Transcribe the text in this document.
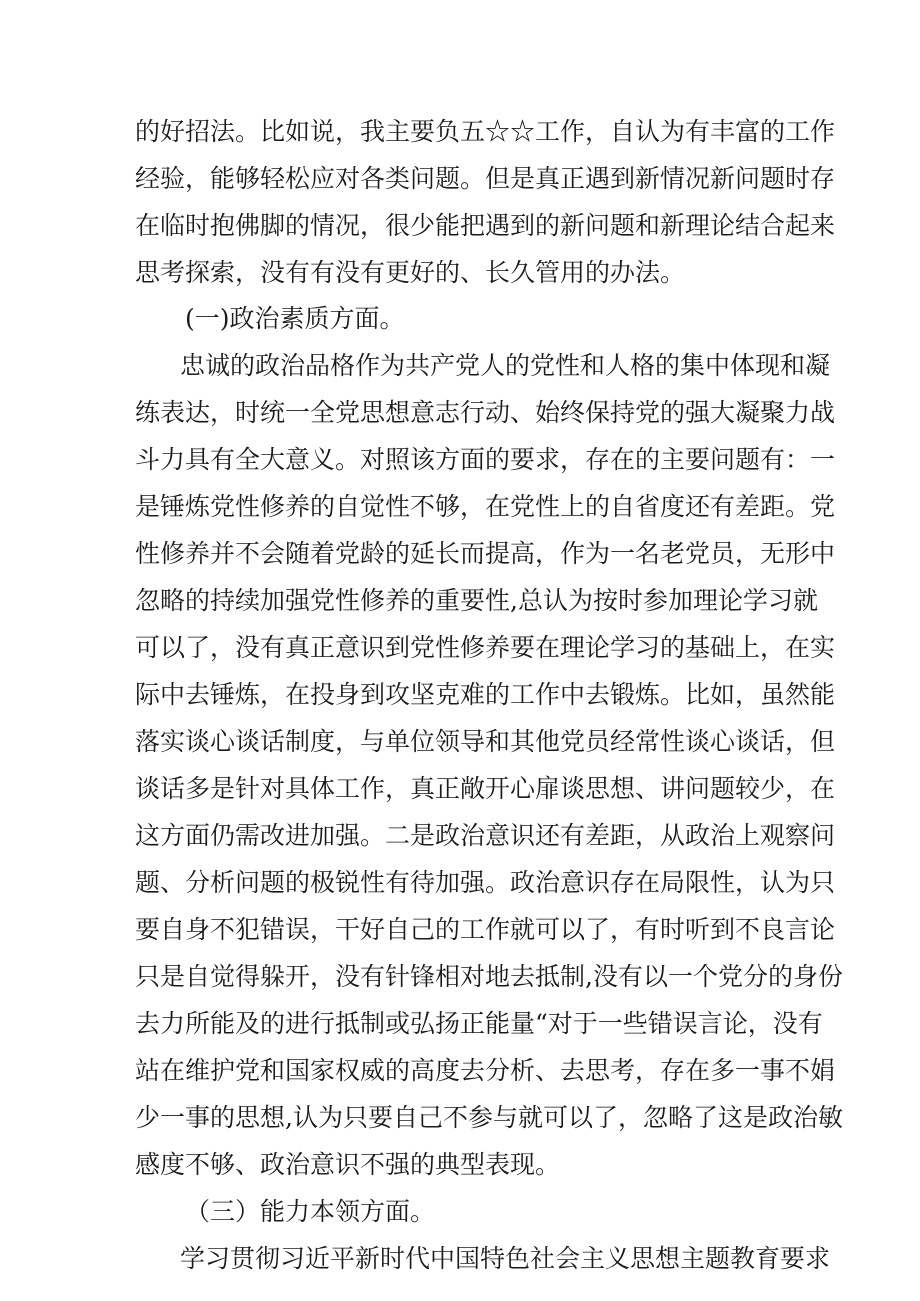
的好招法。比如说，我主要负五☆☆工作，自认为有丰富的工作
经验，能够轻松应对各类问题。但是真正遇到新情况新问题时存
在临时抱佛脚的情况，很少能把遇到的新问题和新理论结合起来
思考探索，没有有没有更好的、长久管用的办法。
(一)政治素质方面。
忠诚的政治品格作为共产党人的党性和人格的集中体现和凝
练表达，时统一全党思想意志行动、始终保持党的强大凝聚力战
斗力具有全大意义。对照该方面的要求，存在的主要问题有：一
是锤炼党性修养的自觉性不够，在党性上的自省度还有差距。党
性修养并不会随着党龄的延长而提高，作为一名老党员，无形中
忽略的持续加强党性修养的重要性,总认为按时参加理论学习就
可以了，没有真正意识到党性修养要在理论学习的基础上，在实
际中去锤炼，在投身到攻坚克难的工作中去锻炼。比如，虽然能
落实谈心谈话制度，与单位领导和其他党员经常性谈心谈话，但
谈话多是针对具体工作，真正敞开心扉谈思想、讲问题较少，在
这方面仍需改进加强。二是政治意识还有差距，从政治上观察问
题、分析问题的极锐性有待加强。政治意识存在局限性，认为只
要自身不犯错误，干好自己的工作就可以了，有时听到不良言论
只是自觉得躲开，没有针锋相对地去抵制,没有以一个党分的身份
去力所能及的进行抵制或弘扬正能量“对于一些错误言论，没有
站在维护党和国家权威的高度去分析、去思考，存在多一事不娟
少一事的思想,认为只要自己不参与就可以了，忽略了这是政治敏
感度不够、政治意识不强的典型表现。
（三）能力本领方面。
学习贯彻习近平新时代中国特色社会主义思想主题教育要求
